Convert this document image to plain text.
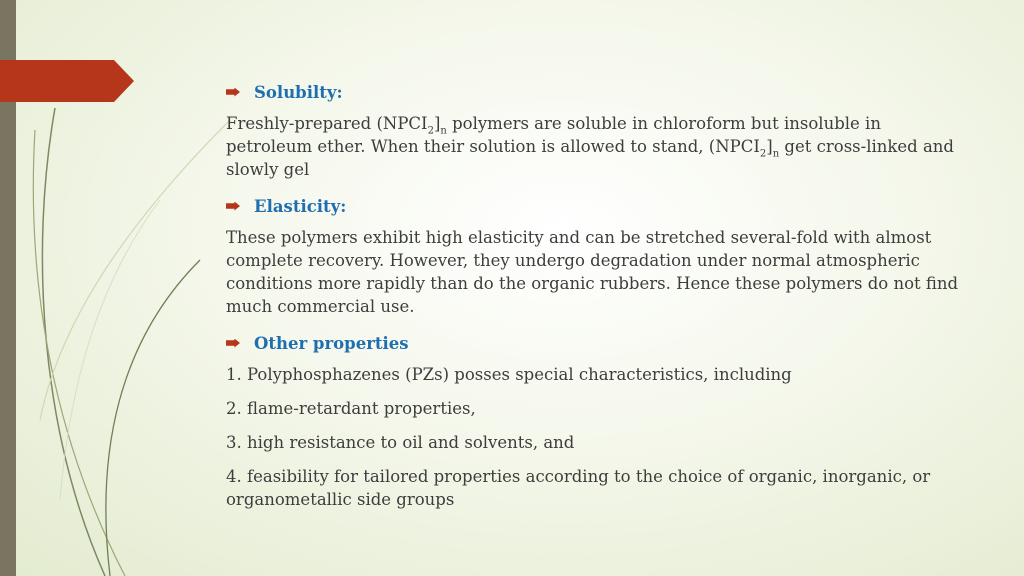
Solubilty:

Freshly-prepared $(NPCI_2]_n$ polymers are soluble in chloroform but insoluble in petroleum ether. When their solution is allowed to stand, $(NPCI_2]_n$ get cross-linked and slowly gel

Elasticity:

These polymers exhibit high elasticity and can be stretched several-fold with almost complete recovery. However, they undergo degradation under normal atmospheric conditions more rapidly than do the organic rubbers. Hence these polymers do not find much commercial use.

Other properties

1. Polyphosphazenes (PZs) posses special characteristics, including

2. flame-retardant properties,

3. high resistance to oil and solvents, and

4. feasibility for tailored properties according to the choice of organic, inorganic, or organometallic side groups
